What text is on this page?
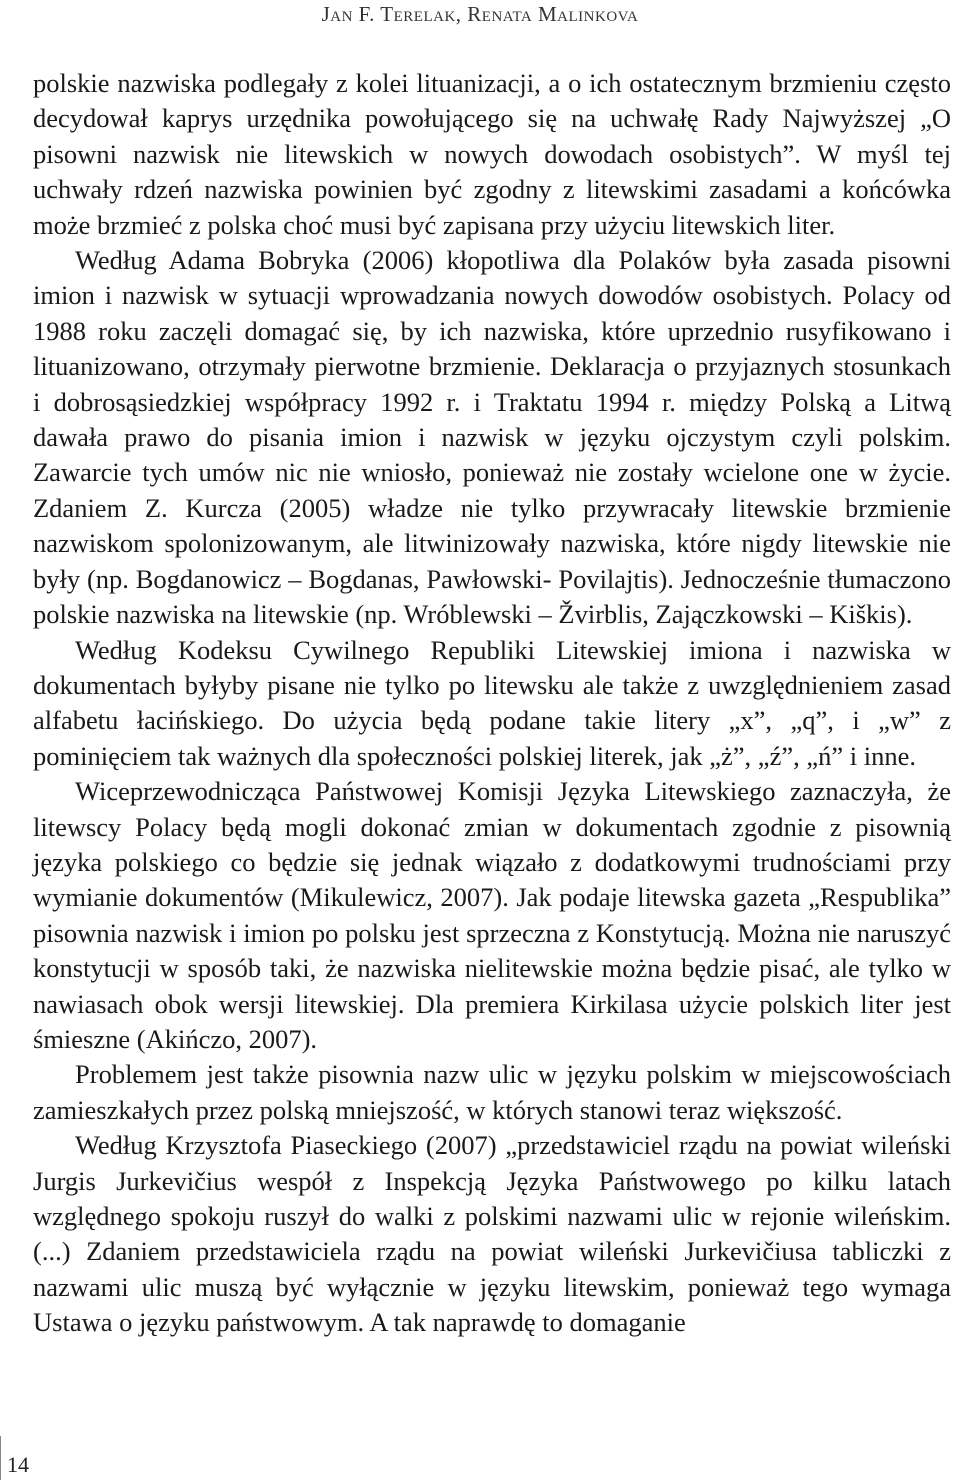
Jan F. Terelak, Renata Malinkova

polskie nazwiska podlegały z kolei lituanizacji, a o ich ostatecznym brzmieniu często decydował kaprys urzędnika powołującego się na uchwałę Rady Najwyższej „O pisowni nazwisk nie litewskich w nowych dowodach osobistych”. W myśl tej uchwały rdzeń nazwiska powinien być zgodny z litewskimi zasadami a końcówka może brzmieć z polska choć musi być zapisana przy użyciu litewskich liter.

Według Adama Bobryka (2006) kłopotliwa dla Polaków była zasada pisowni imion i nazwisk w sytuacji wprowadzania nowych dowodów osobistych. Polacy od 1988 roku zaczęli domagać się, by ich nazwiska, które uprzednio rusyfikowano i lituanizowano, otrzymały pierwotne brzmienie. Deklaracja o przyjaznych stosunkach i dobrosąsiedzkiej współpracy 1992 r. i Traktatu 1994 r. między Polską a Litwą dawała prawo do pisania imion i nazwisk w języku ojczystym czyli polskim. Zawarcie tych umów nic nie wniosło, ponieważ nie zostały wcielone one w życie. Zdaniem Z. Kurcza (2005) władze nie tylko przywracały litewskie brzmienie nazwiskom spolonizowanym, ale litwinizowały nazwiska, które nigdy litewskie nie były (np. Bogdanowicz – Bogdanas, Pawłowski- Povilajtis). Jednocześnie tłumaczono polskie nazwiska na litewskie (np. Wróblewski – Žvirblis, Zajączkowski – Kiškis).

Według Kodeksu Cywilnego Republiki Litewskiej imiona i nazwiska w dokumentach byłyby pisane nie tylko po litewsku ale także z uwzględnieniem zasad alfabetu łacińskiego. Do użycia będą podane takie litery „x”, „q”, i „w” z pominięciem tak ważnych dla społeczności polskiej literek, jak „ż”, „ź”, „ń” i inne.

Wiceprzewodnicząca Państwowej Komisji Języka Litewskiego zaznaczyła, że litewscy Polacy będą mogli dokonać zmian w dokumentach zgodnie z pisownią języka polskiego co będzie się jednak wiązało z dodatkowymi trudnościami przy wymianie dokumentów (Mikulewicz, 2007). Jak podaje litewska gazeta „Respublika” pisownia nazwisk i imion po polsku jest sprzeczna z Konstytucją. Można nie naruszyć konstytucji w sposób taki, że nazwiska nielitewskie można będzie pisać, ale tylko w nawiasach obok wersji litewskiej. Dla premiera Kirkilasa użycie polskich liter jest śmieszne (Akińczo, 2007).

Problemem jest także pisownia nazw ulic w języku polskim w miejscowościach zamieszkałych przez polską mniejszość, w których stanowi teraz większość.

Według Krzysztofa Piaseckiego (2007) „przedstawiciel rządu na powiat wileński Jurgis Jurkevičius wespół z Inspekcją Języka Państwowego po kilku latach względnego spokoju ruszył do walki z polskimi nazwami ulic w rejonie wileńskim. (...) Zdaniem przedstawiciela rządu na powiat wileński Jurkevičiusa tabliczki z nazwami ulic muszą być wyłącznie w języku litewskim, ponieważ tego wymaga Ustawa o języku państwowym. A tak naprawdę to domaganie

14
